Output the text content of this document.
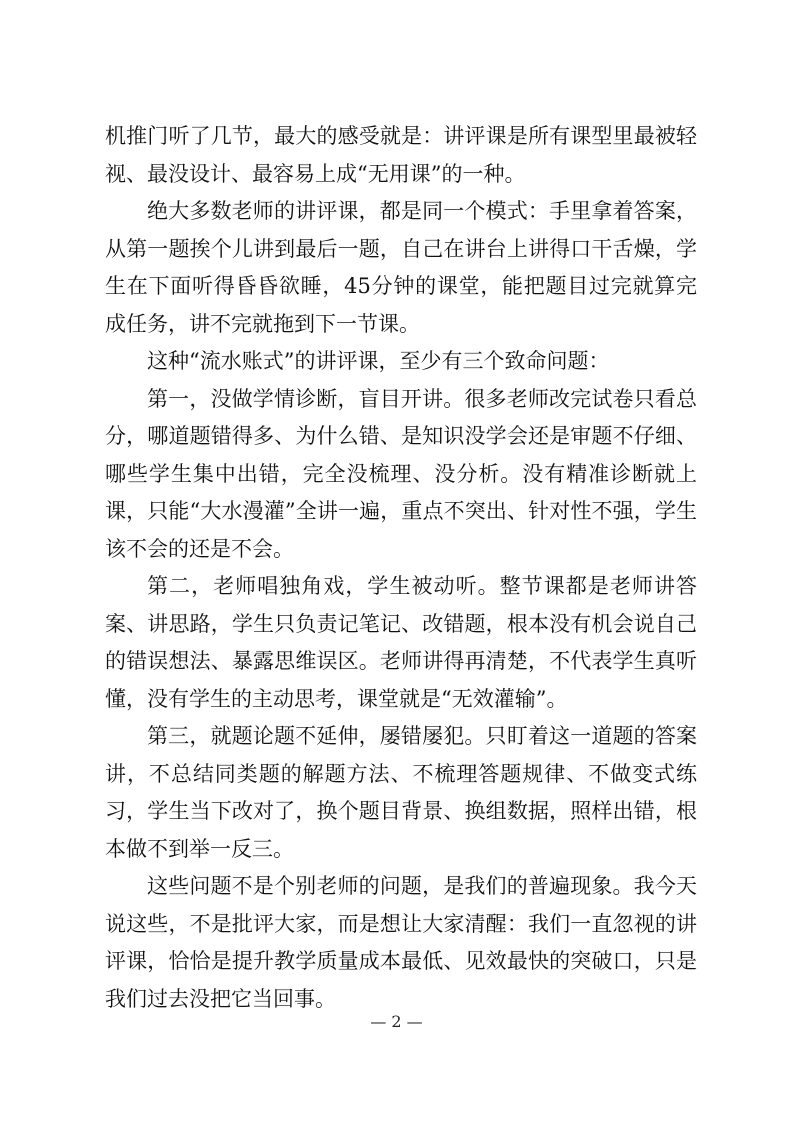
机推门听了几节，最大的感受就是：讲评课是所有课型里最被轻视、最没设计、最容易上成“无用课”的一种。

绝大多数老师的讲评课，都是同一个模式：手里拿着答案，从第一题挨个儿讲到最后一题，自己在讲台上讲得口干舌燥，学生在下面听得昏昏欲睡，45分钟的课堂，能把题目过完就算完成任务，讲不完就拖到下一节课。

这种“流水账式”的讲评课，至少有三个致命问题：

第一，没做学情诊断，盲目开讲。很多老师改完试卷只看总分，哪道题错得多、为什么错、是知识没学会还是审题不仔细、哪些学生集中出错，完全没梳理、没分析。没有精准诊断就上课，只能“大水漫灌”全讲一遍，重点不突出、针对性不强，学生该不会的还是不会。

第二，老师唱独角戏，学生被动听。整节课都是老师讲答案、讲思路，学生只负责记笔记、改错题，根本没有机会说自己的错误想法、暴露思维误区。老师讲得再清楚，不代表学生真听懂，没有学生的主动思考，课堂就是“无效灌输”。

第三，就题论题不延伸，屡错屡犯。只盯着这一道题的答案讲，不总结同类题的解题方法、不梳理答题规律、不做变式练习，学生当下改对了，换个题目背景、换组数据，照样出错，根本做不到举一反三。

这些问题不是个别老师的问题，是我们的普遍现象。我今天说这些，不是批评大家，而是想让大家清醒：我们一直忽视的讲评课，恰恰是提升教学质量成本最低、见效最快的突破口，只是我们过去没把它当回事。

— 2 —
